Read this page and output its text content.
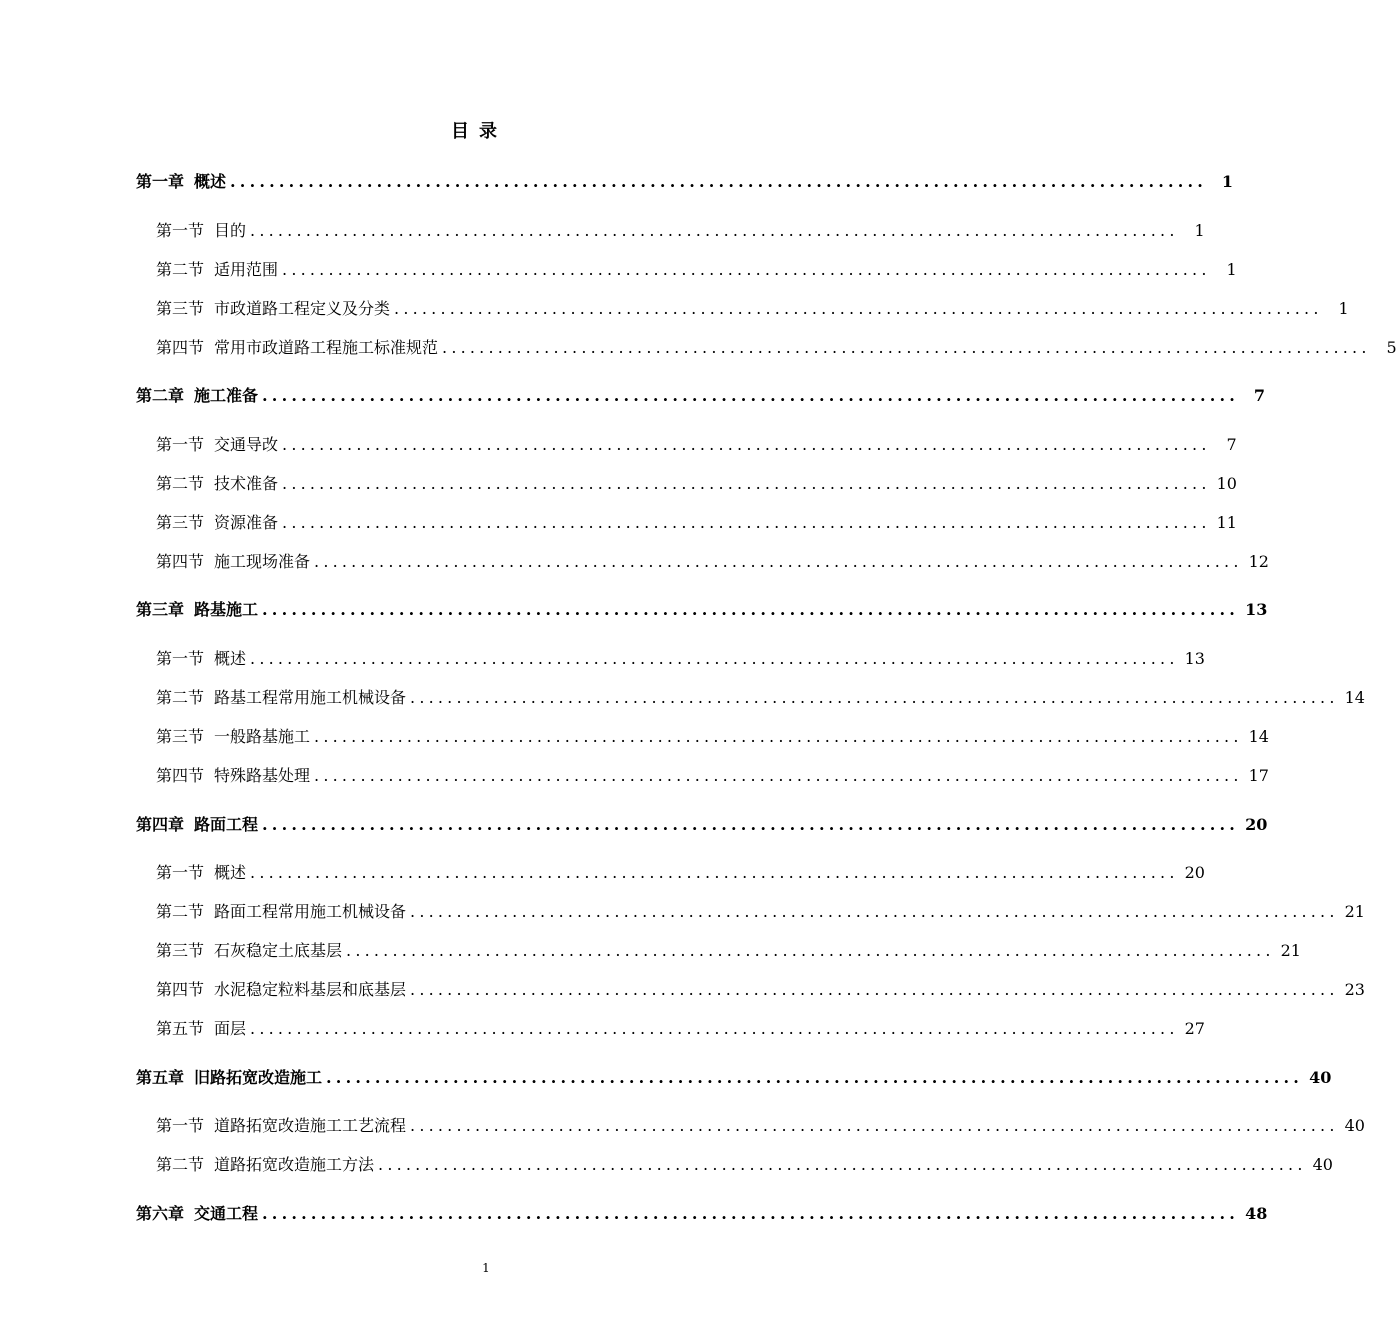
目录
第一章 概述 .................................................................................................... 1
第一节 目的 .................................................................................................... 1
第二节 适用范围 .................................................................................................... 1
第三节 市政道路工程定义及分类 .................................................................................................... 1
第四节 常用市政道路工程施工标准规范 .................................................................................................... 5
第二章 施工准备 .................................................................................................... 7
第一节 交通导改 .................................................................................................... 7
第二节 技术准备 .................................................................................................... 10
第三节 资源准备 .................................................................................................... 11
第四节 施工现场准备 .................................................................................................... 12
第三章 路基施工 .................................................................................................... 13
第一节 概述 .................................................................................................... 13
第二节 路基工程常用施工机械设备 .................................................................................................... 14
第三节 一般路基施工 .................................................................................................... 14
第四节 特殊路基处理 .................................................................................................... 17
第四章 路面工程 .................................................................................................... 20
第一节 概述 .................................................................................................... 20
第二节 路面工程常用施工机械设备 .................................................................................................... 21
第三节 石灰稳定土底基层 .................................................................................................... 21
第四节 水泥稳定粒料基层和底基层 .................................................................................................... 23
第五节 面层 .................................................................................................... 27
第五章 旧路拓宽改造施工 .................................................................................................... 40
第一节 道路拓宽改造施工工艺流程 .................................................................................................... 40
第二节 道路拓宽改造施工方法 .................................................................................................... 40
第六章 交通工程 .................................................................................................... 48
1
